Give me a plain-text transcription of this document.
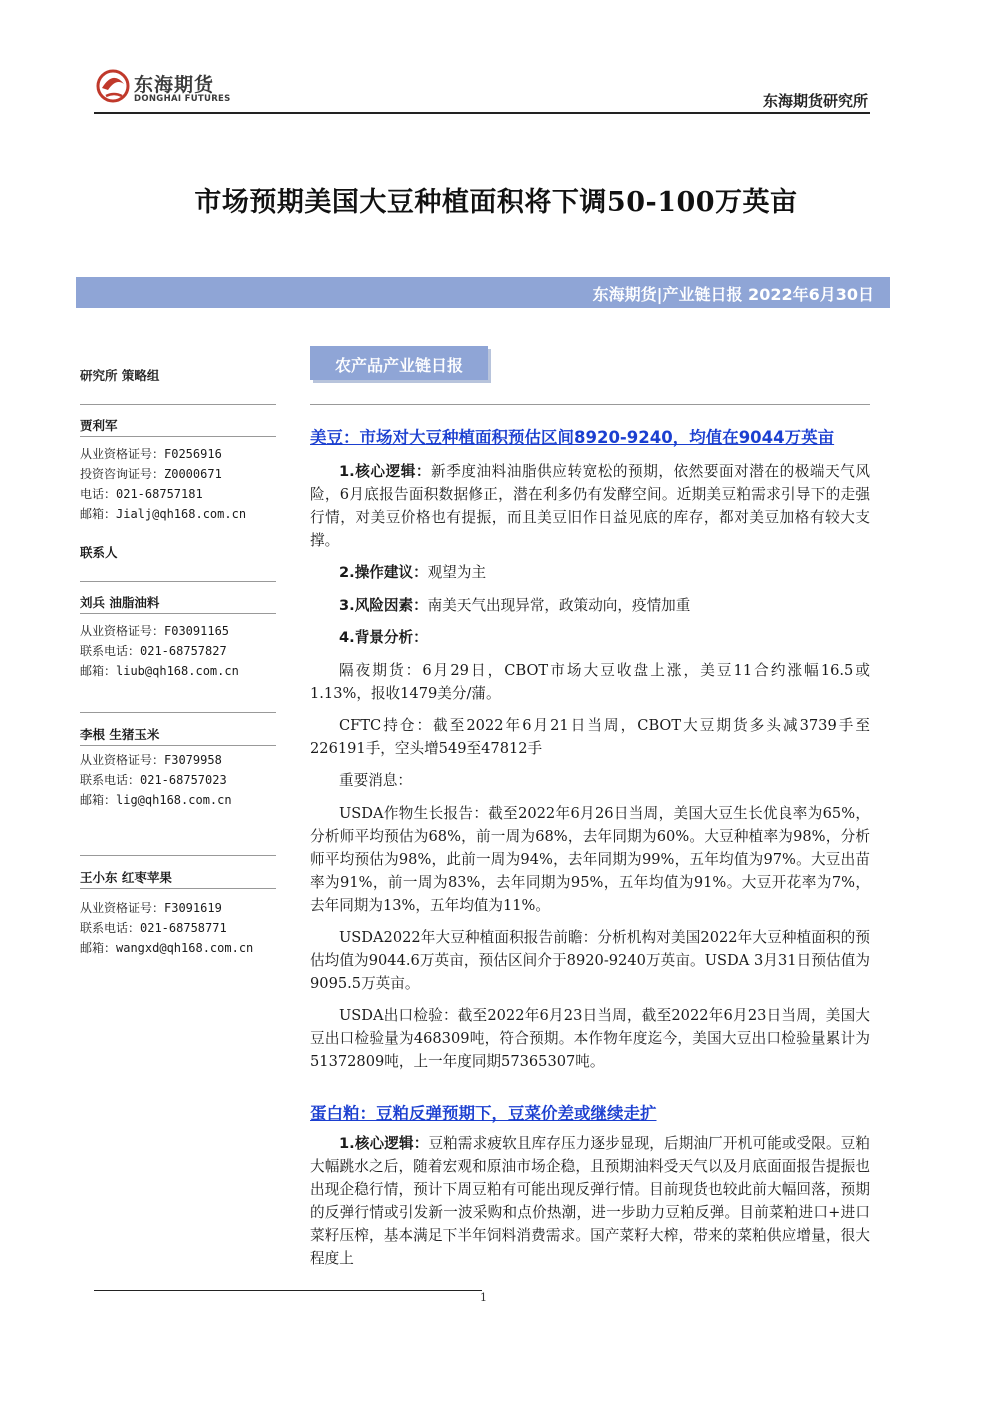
东海期货
DONGHAI FUTURES	东海期货研究所
市场预期美国大豆种植面积将下调50-100万英亩
东海期货|产业链日报 2022年6月30日
研究所 策略组
贾利军
从业资格证号：F0256916
投资咨询证号：Z0000671
电话：021-68757181
邮箱：Jialj@qh168.com.cn
联系人
刘兵 油脂油料
从业资格证号：F03091165
联系电话：021-68757827
邮箱：liub@qh168.com.cn
李根 生猪玉米
从业资格证号：F3079958
联系电话：021-68757023
邮箱：lig@qh168.com.cn
王小东 红枣苹果
从业资格证号：F3091619
联系电话：021-68758771
邮箱：wangxd@qh168.com.cn
农产品产业链日报
美豆：市场对大豆种植面积预估区间8920-9240，均值在9044万英亩
1.核心逻辑：新季度油料油脂供应转宽松的预期，依然要面对潜在的极端天气风险，6月底报告面积数据修正，潜在利多仍有发酵空间。近期美豆粕需求引导下的走强行情，对美豆价格也有提振，而且美豆旧作日益见底的库存，都对美豆加格有较大支撑。
2.操作建议：观望为主
3.风险因素：南美天气出现异常，政策动向，疫情加重
4.背景分析：
隔夜期货：6月29日，CBOT市场大豆收盘上涨，美豆11合约涨幅16.5或1.13%，报收1479美分/蒲。
CFTC持仓：截至2022年6月21日当周，CBOT大豆期货多头减3739手至226191手，空头增549至47812手
重要消息：
USDA作物生长报告：截至2022年6月26日当周，美国大豆生长优良率为65%，分析师平均预估为68%，前一周为68%，去年同期为60%。大豆种植率为98%，分析师平均预估为98%，此前一周为94%，去年同期为99%，五年均值为97%。大豆出苗率为91%，前一周为83%，去年同期为95%，五年均值为91%。大豆开花率为7%，去年同期为13%，五年均值为11%。
USDA2022年大豆种植面积报告前瞻：分析机构对美国2022年大豆种植面积的预估均值为9044.6万英亩，预估区间介于8920-9240万英亩。USDA 3月31日预估值为9095.5万英亩。
USDA出口检验：截至2022年6月23日当周，截至2022年6月23日当周，美国大豆出口检验量为468309吨，符合预期。本作物年度迄今，美国大豆出口检验量累计为51372809吨，上一年度同期57365307吨。
蛋白粕：豆粕反弹预期下，豆菜价差或继续走扩
1.核心逻辑：豆粕需求疲软且库存压力逐步显现，后期油厂开机可能或受限。豆粕大幅跳水之后，随着宏观和原油市场企稳，且预期油料受天气以及月底面面报告提振也出现企稳行情，预计下周豆粕有可能出现反弹行情。目前现货也较此前大幅回落，预期的反弹行情或引发新一波采购和点价热潮，进一步助力豆粕反弹。目前菜粕进口+进口菜籽压榨，基本满足下半年饲料消费需求。国产菜籽大榨，带来的菜粕供应增量，很大程度上
1
